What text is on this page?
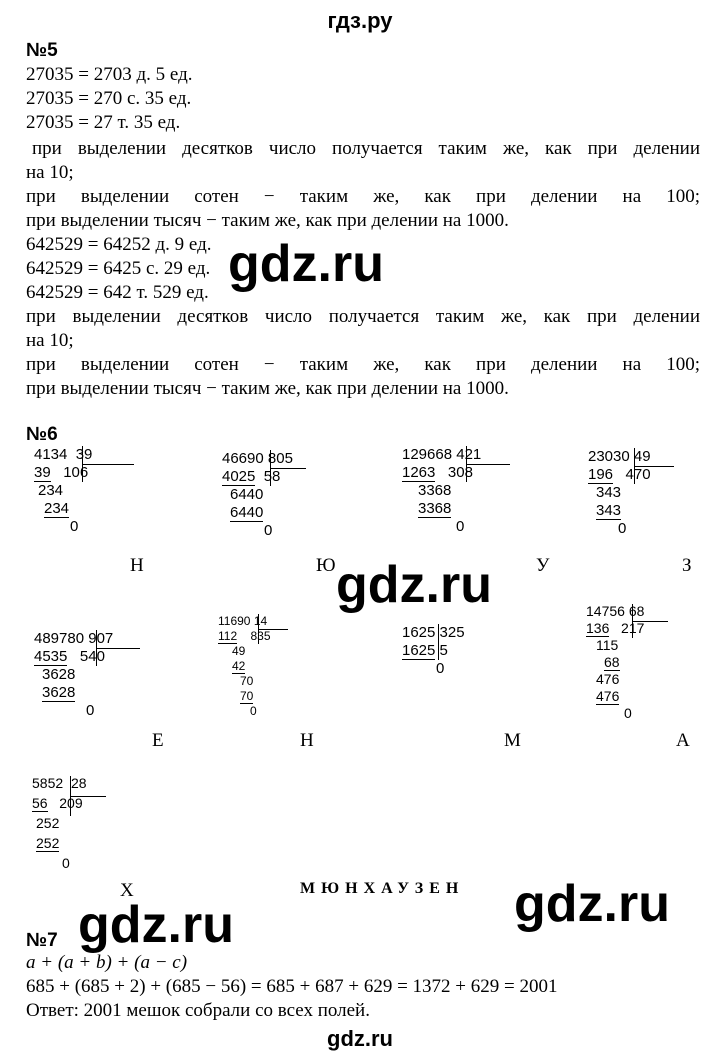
гдз.ру
gdz.ru
gdz.ru
gdz.ru
gdz.ru
gdz.ru
№5
27035 = 2703 д. 5 ед.
27035 = 270 с. 35 ед.
27035 = 27 т. 35 ед.
при выделении десятков число получается таким же, как при делении
на 10;
при выделении сотен − таким же, как при делении на 100;
при выделении тысяч − таким же, как при делении на 1000.
642529 = 64252 д. 9 ед.
642529 = 6425 с. 29 ед.
642529 = 642 т. 529 ед.
при выделении десятков число получается таким же, как при делении
на 10;
при выделении сотен − таким же, как при делении на 100;
при выделении тысяч − таким же, как при делении на 1000.
№6
4134 39
39 106
234
234
0
Н
46690 805
4025 58
6440
6440
0
Ю
129668 421
1263 308
3368
3368
0
У
23030 49
196 470
343
343
0
З
489780 907
4535 540
3628
3628
0
Е
11690 14
112 835
49
42
70
70
0
Н
1625 325
1625 5
0
М
14756 68
136 217
115
68
476
476
0
А
5852 28
56 209
252
252
0
Х	МЮНХАУЗЕН
№7
a + (a + b) + (a − c)
685 + (685 + 2) + (685 − 56) = 685 + 687 + 629 = 1372 + 629 = 2001
Ответ: 2001 мешок собрали со всех полей.
